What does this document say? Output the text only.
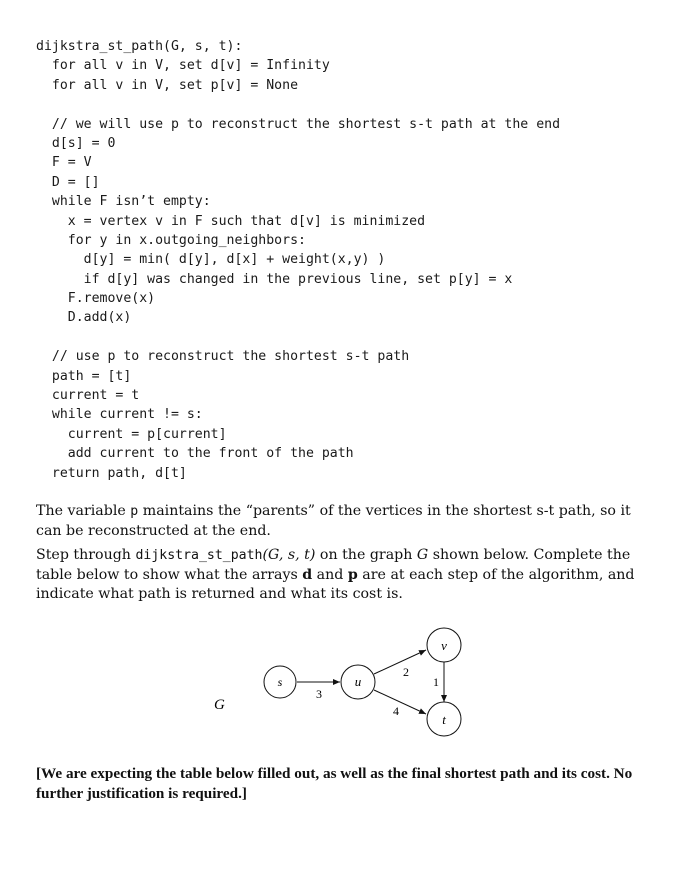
dijkstra_st_path(G, s, t):
for all v in V, set d[v] = Infinity
for all v in V, set p[v] = None
// we will use p to reconstruct the shortest s-t path at the end
d[s] = 0
F = V
D = []
while F isn’t empty:
x = vertex v in F such that d[v] is minimized
for y in x.outgoing_neighbors:
d[y] = min( d[y], d[x] + weight(x,y) )
if d[y] was changed in the previous line, set p[y] = x
F.remove(x)
D.add(x)
// use p to reconstruct the shortest s-t path
path = [t]
current = t
while current != s:
current = p[current]
add current to the front of the path
return path, d[t]
The variable p maintains the “parents” of the vertices in the shortest s-t path, so it can be reconstructed at the end.
Step through dijkstra_st_path(G, s, t) on the graph G shown below. Complete the table below to show what the arrays d and p are at each step of the algorithm, and indicate what path is returned and what its cost is.
G
3
2
4
1
s	u
v
t
[We are expecting the table below filled out, as well as the final shortest path and its cost. No further justification is required.]
